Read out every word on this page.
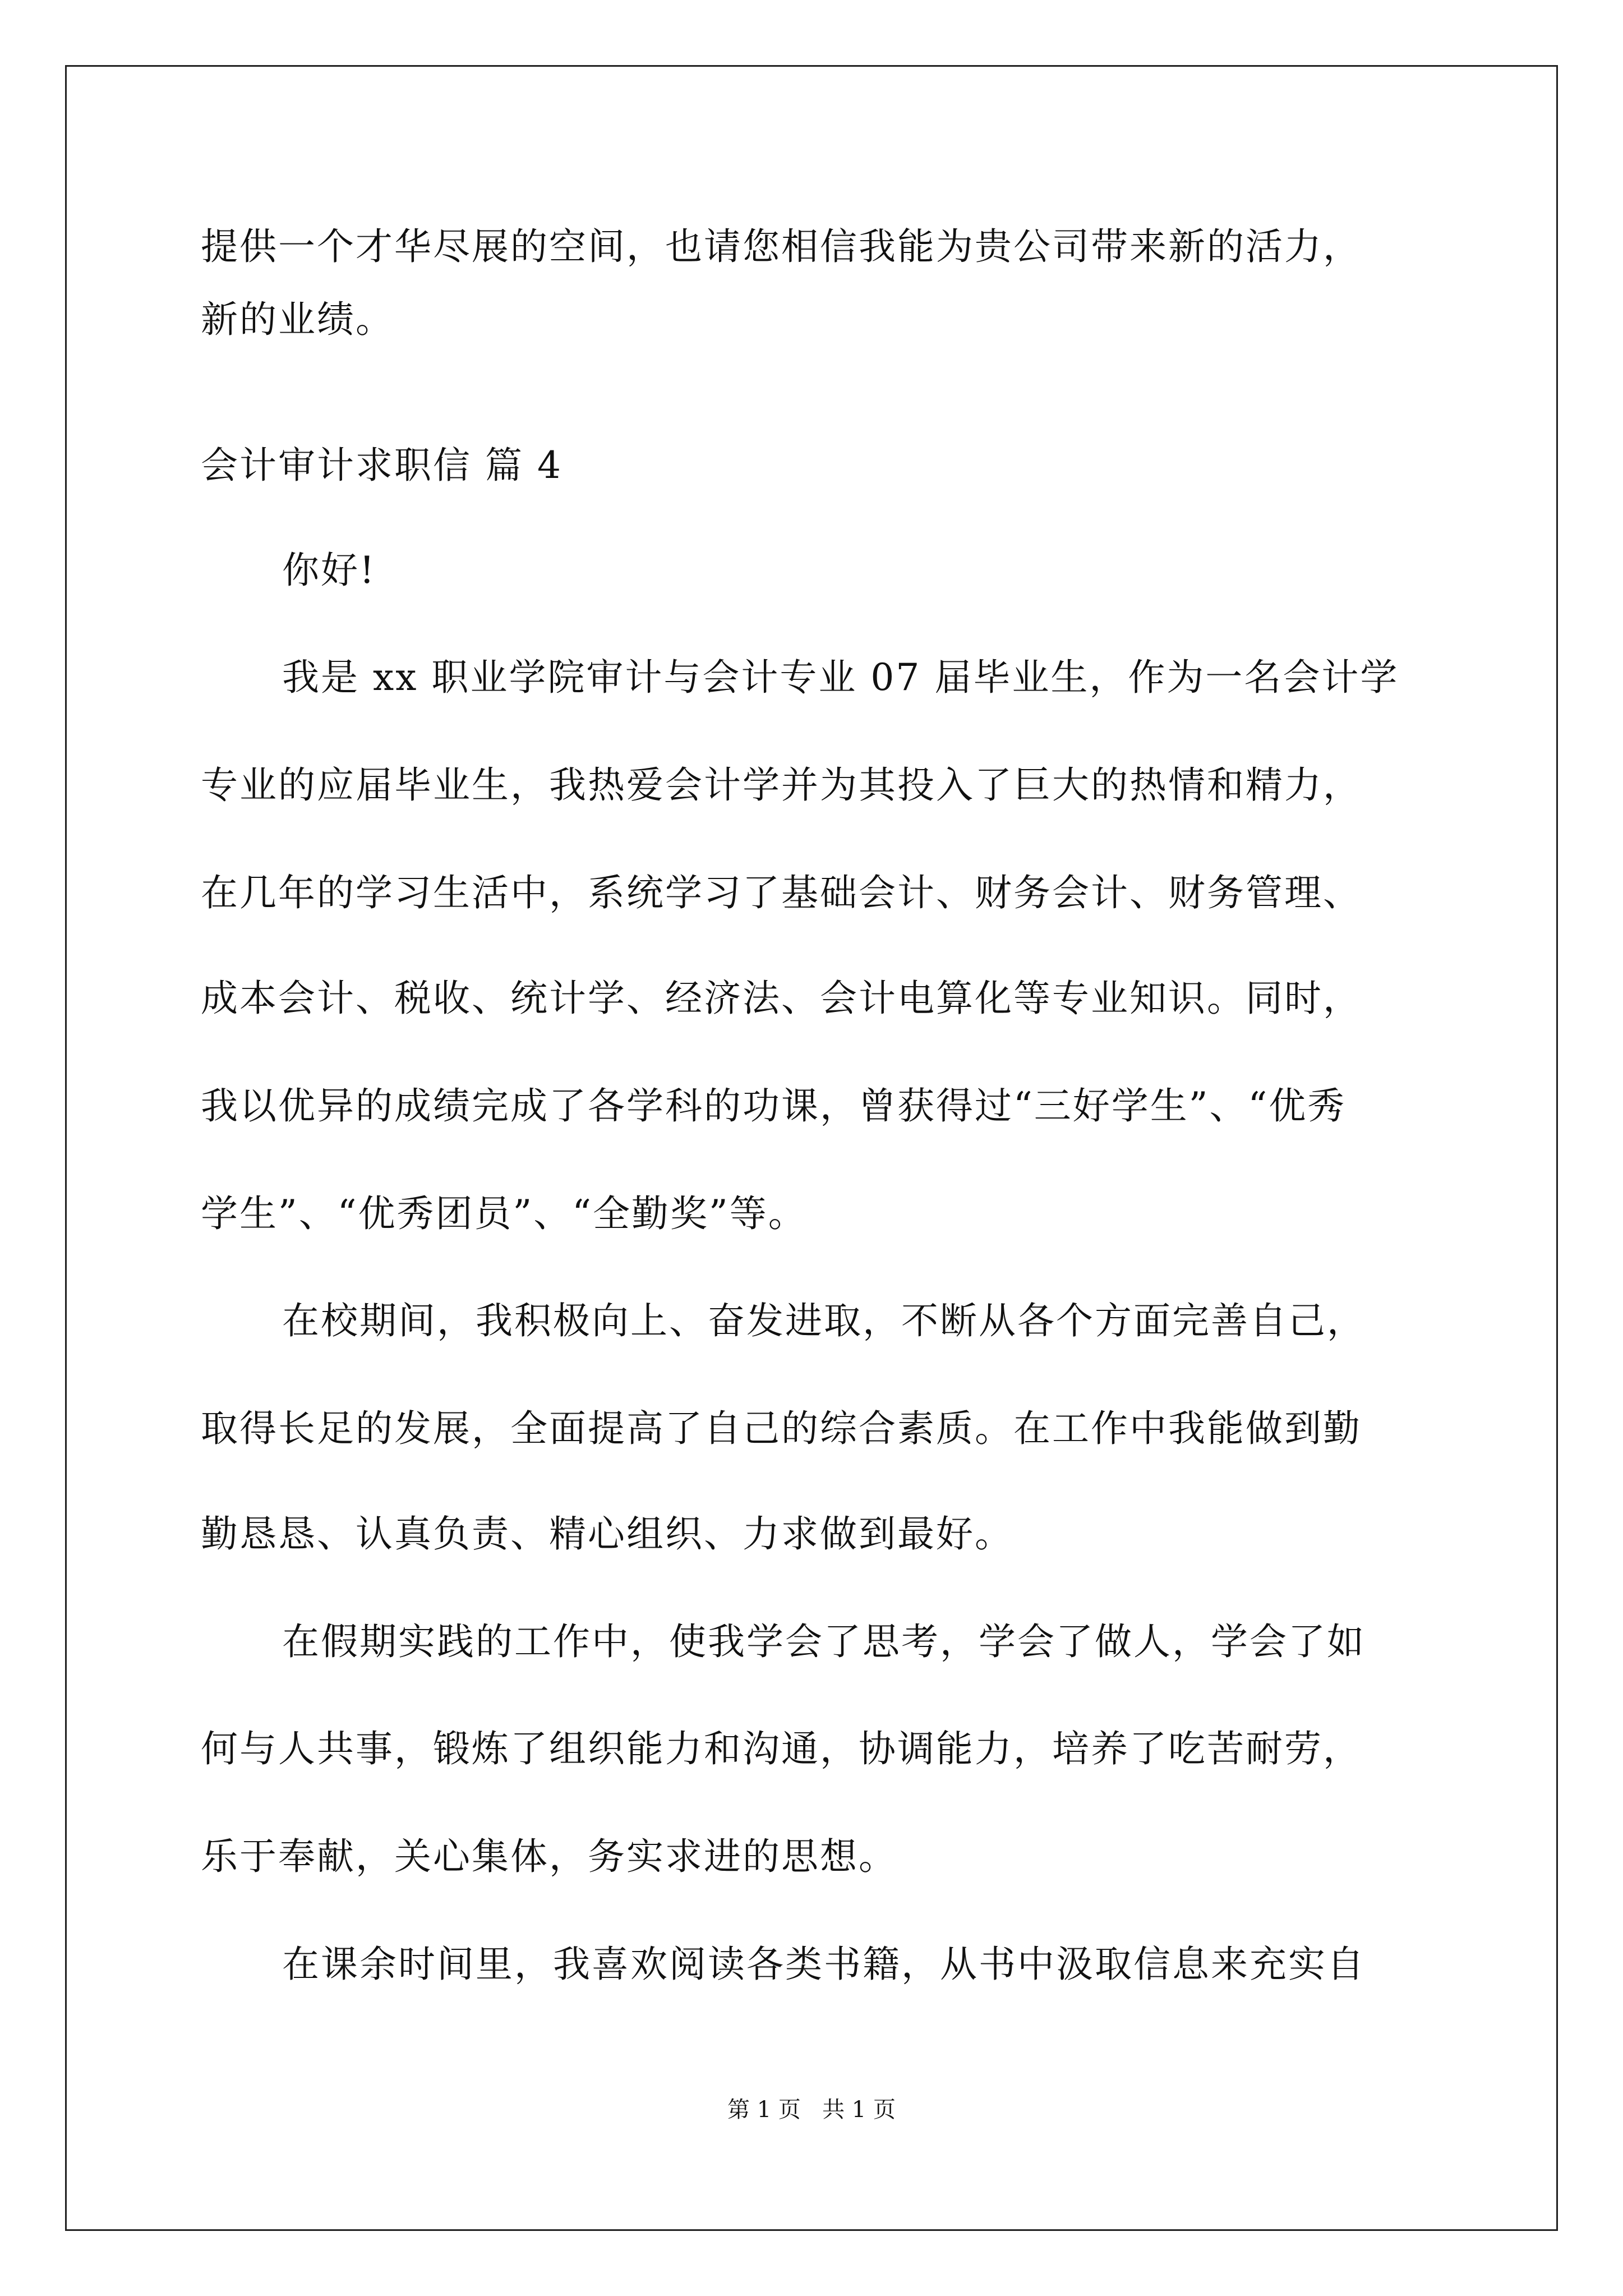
提供一个才华尽展的空间，也请您相信我能为贵公司带来新的活力，
新的业绩。
会计审计求职信 篇 4
你好!
我是 xx 职业学院审计与会计专业 07 届毕业生，作为一名会计学
专业的应届毕业生，我热爱会计学并为其投入了巨大的热情和精力，
在几年的学习生活中，系统学习了基础会计、财务会计、财务管理、
成本会计、税收、统计学、经济法、会计电算化等专业知识。同时，
我以优异的成绩完成了各学科的功课，曾获得过“三好学生”、“优秀
学生”、“优秀团员”、“全勤奖”等。
在校期间，我积极向上、奋发进取，不断从各个方面完善自己，
取得长足的发展，全面提高了自己的综合素质。在工作中我能做到勤
勤恳恳、认真负责、精心组织、力求做到最好。
在假期实践的工作中，使我学会了思考，学会了做人，学会了如
何与人共事，锻炼了组织能力和沟通，协调能力，培养了吃苦耐劳，
乐于奉献，关心集体，务实求进的思想。
在课余时间里，我喜欢阅读各类书籍，从书中汲取信息来充实自
第 1 页   共 1 页
